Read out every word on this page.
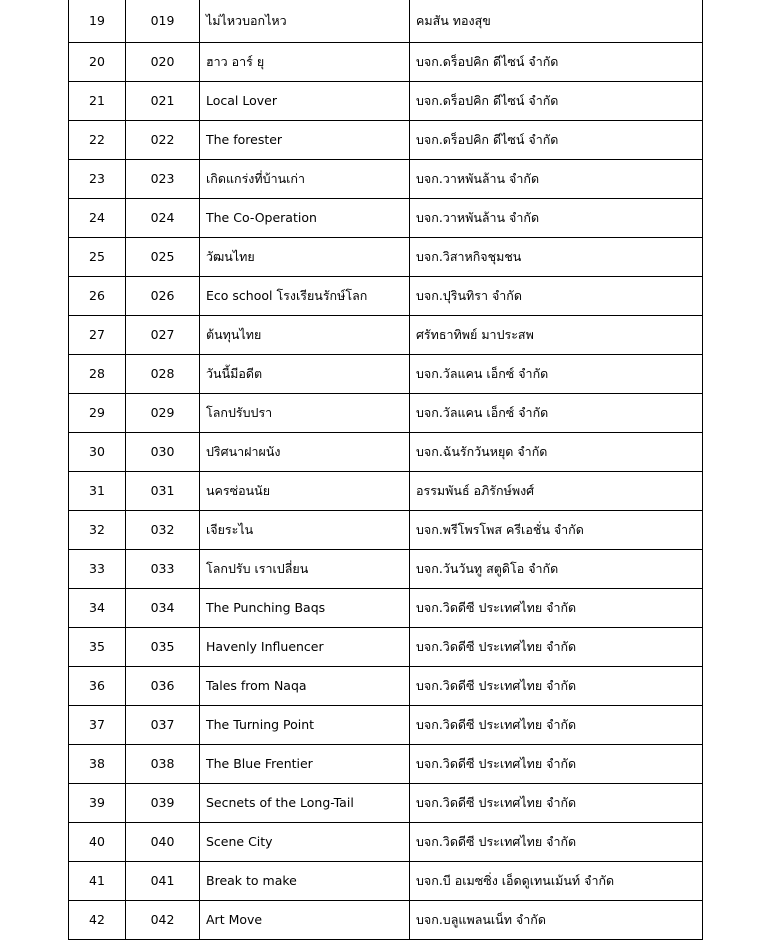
19	019	ไม่ไหวบอกไหว	คมสัน ทองสุข
20	020	ฮาว อาร์ ยุ	บจก.ดร็อปคิก ดีไซน์ จำกัด
21	021	Local Lover	บจก.ดร็อปคิก ดีไซน์ จำกัด
22	022	The forester	บจก.ดร็อปคิก ดีไซน์ จำกัด
23	023	เกิดแกร่งที่บ้านเก่า	บจก.วาหพันล้าน จำกัด
24	024	The Co-Operation	บจก.วาหพันล้าน จำกัด
25	025	วัฒนไทย	บจก.วิสาหกิจชุมชน
26	026	Eco school โรงเรียนรักษ์โลก	บจก.ปุรินทิรา จำกัด
27	027	ต้นทุนไทย	ศรัทธาทิพย์ มาประสพ
28	028	วันนี้มีอดีต	บจก.วัลแคน เอ็กซ์ จำกัด
29	029	โลกปรับปรา	บจก.วัลแคน เอ็กซ์ จำกัด
30	030	ปริศนาฝาผนัง	บจก.ฉันรักวันหยุด จำกัด
31	031	นครซ่อนนัย	อรรมพันธ์ อภิรักษ์พงศ์
32	032	เจียระไน	บจก.พรีโพรโพส ครีเอชั่น จำกัด
33	033	โลกปรับ เราเปลี่ยน	บจก.วันวันทู สตูดิโอ จำกัด
34	034	The Punching Baqs	บจก.วิดดีซี ประเทศไทย จำกัด
35	035	Havenly Influencer	บจก.วิดดีซี ประเทศไทย จำกัด
36	036	Tales from Naqa	บจก.วิดดีซี ประเทศไทย จำกัด
37	037	The Turning Point	บจก.วิดดีซี ประเทศไทย จำกัด
38	038	The Blue Frentier	บจก.วิดดีซี ประเทศไทย จำกัด
39	039	Secnets of the Long-Tail	บจก.วิดดีซี ประเทศไทย จำกัด
40	040	Scene City	บจก.วิดดีซี ประเทศไทย จำกัด
41	041	Break to make	บจก.บี อเมซซิ่ง เอ็ดดูเทนเม้นท์ จำกัด
42	042	Art Move	บจก.บลูแพลนเน็ท จำกัด
